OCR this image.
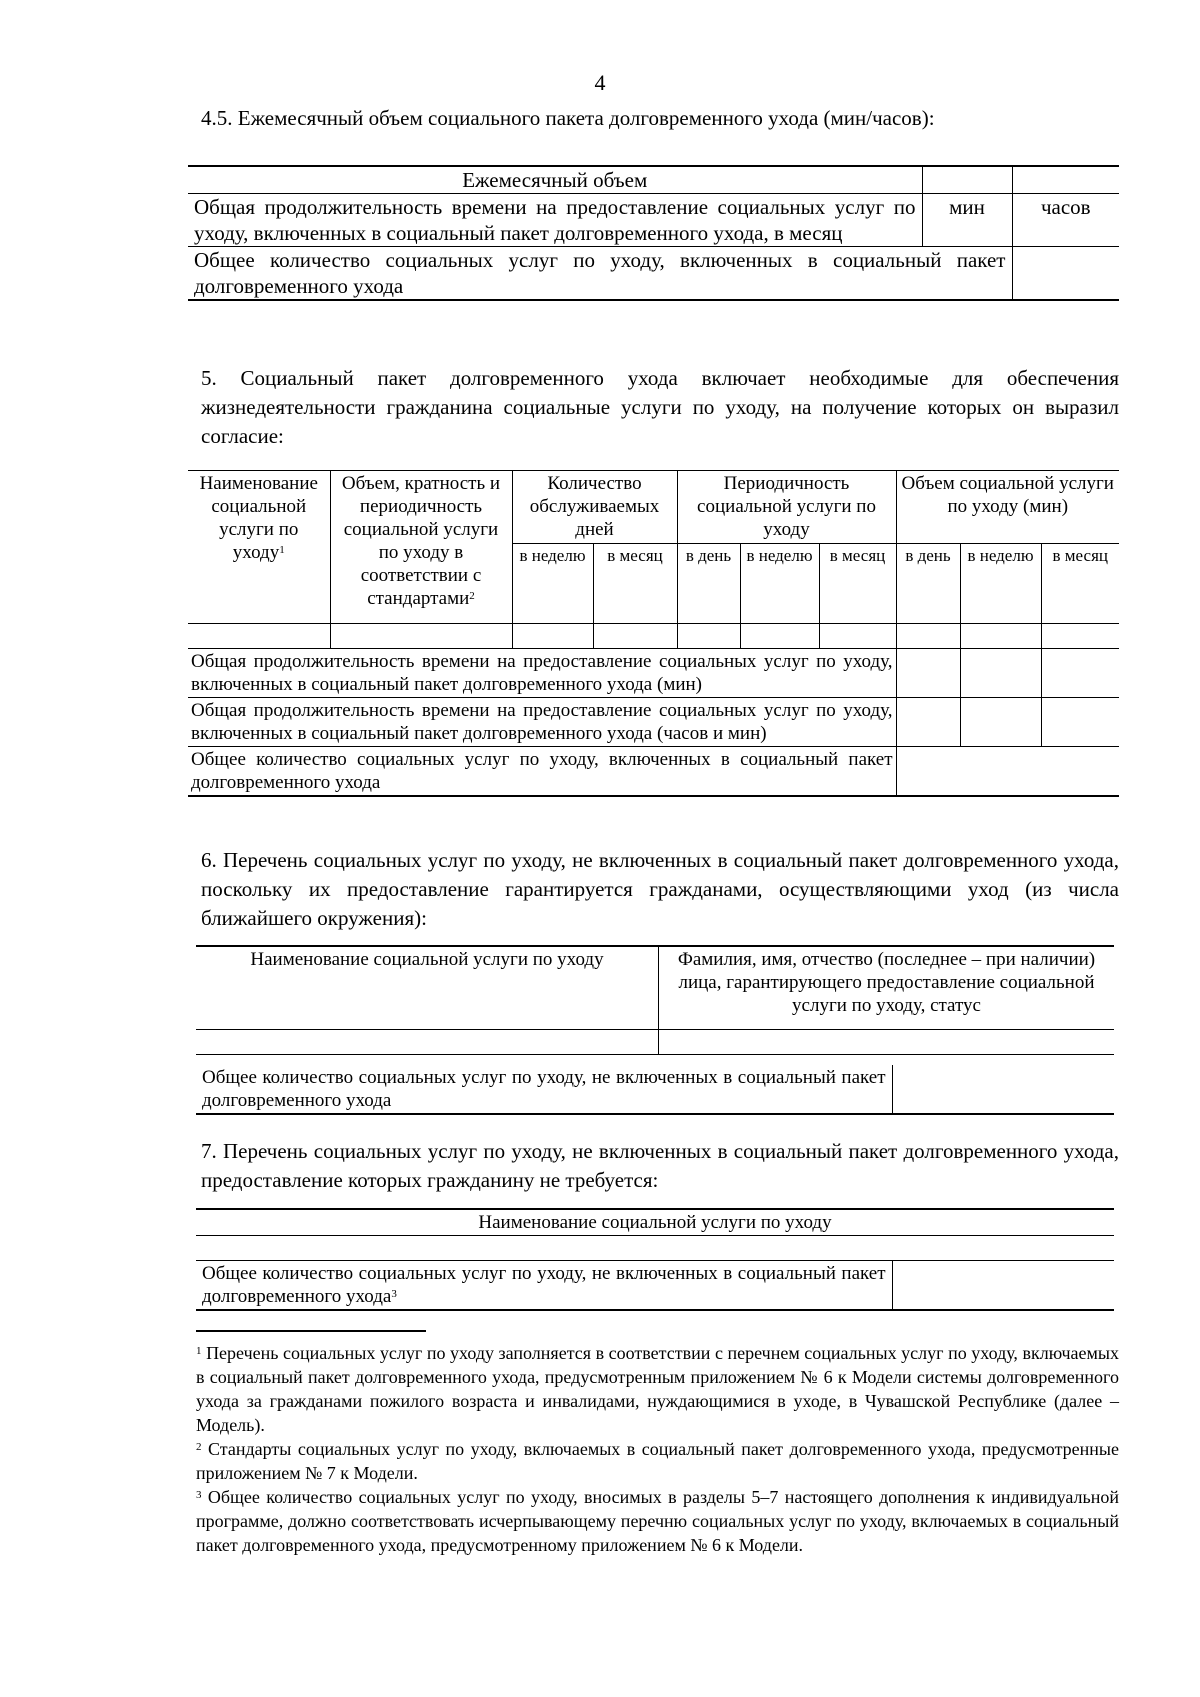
4
4.5. Ежемесячный объем социального пакета долговременного ухода (мин/часов):
Ежемесячный объем		
Общая продолжительность времени на предоставление социальных услуг по уходу, включенных в социальный пакет долговременного ухода, в месяц	мин	часов
Общее количество социальных услуг по уходу, включенных в социальный пакет долговременного ухода		
5. Социальный пакет долговременного ухода включает необходимые для обеспечения жизнедеятельности гражданина социальные услуги по уходу, на получение которых он выразил согласие:
Наименование социальной услуги по уходу$^1$	Объем, кратность и периодичность социальной услуги по уходу в соответствии с стандартами$^2$	Количество обслуживаемых дней		Периодичность социальной услуги по уходу			Объем социальной услуги по уходу (мин)		
		в неделю	в месяц	в день	в неделю	в месяц	в день	в неделю	в месяц

Общая продолжительность времени на предоставление социальных услуг по уходу, включенных в социальный пакет долговременного ухода (мин)									
Общая продолжительность времени на предоставление социальных услуг по уходу, включенных в социальный пакет долговременного ухода (часов и мин)									
Общее количество социальных услуг по уходу, включенных в социальный пакет долговременного ухода									
6. Перечень социальных услуг по уходу, не включенных в социальный пакет долговременного ухода, поскольку их предоставление гарантируется гражданами, осуществляющими уход (из числа ближайшего окружения):
Наименование социальной услуги по уходу	Фамилия, имя, отчество (последнее – при наличии) лица, гарантирующего предоставление социальной услуги по уходу, статус

Общее количество социальных услуг по уходу, не включенных в социальный пакет долговременного ухода	
7. Перечень социальных услуг по уходу, не включенных в социальный пакет долговременного ухода, предоставление которых гражданину не требуется:
Наименование социальной услуги по уходу

Общее количество социальных услуг по уходу, не включенных в социальный пакет долговременного ухода$^3$	
$^1$ Перечень социальных услуг по уходу заполняется в соответствии с перечнем социальных услуг по уходу, включаемых в социальный пакет долговременного ухода, предусмотренным приложением № 6 к Модели системы долговременного ухода за гражданами пожилого возраста и инвалидами, нуждающимися в уходе, в Чувашской Республике (далее – Модель).
$^2$ Стандарты социальных услуг по уходу, включаемых в социальный пакет долговременного ухода, предусмотренные приложением № 7 к Модели.
$^3$ Общее количество социальных услуг по уходу, вносимых в разделы 5–7 настоящего дополнения к индивидуальной программе, должно соответствовать исчерпывающему перечню социальных услуг по уходу, включаемых в социальный пакет долговременного ухода, предусмотренному приложением № 6 к Модели.
